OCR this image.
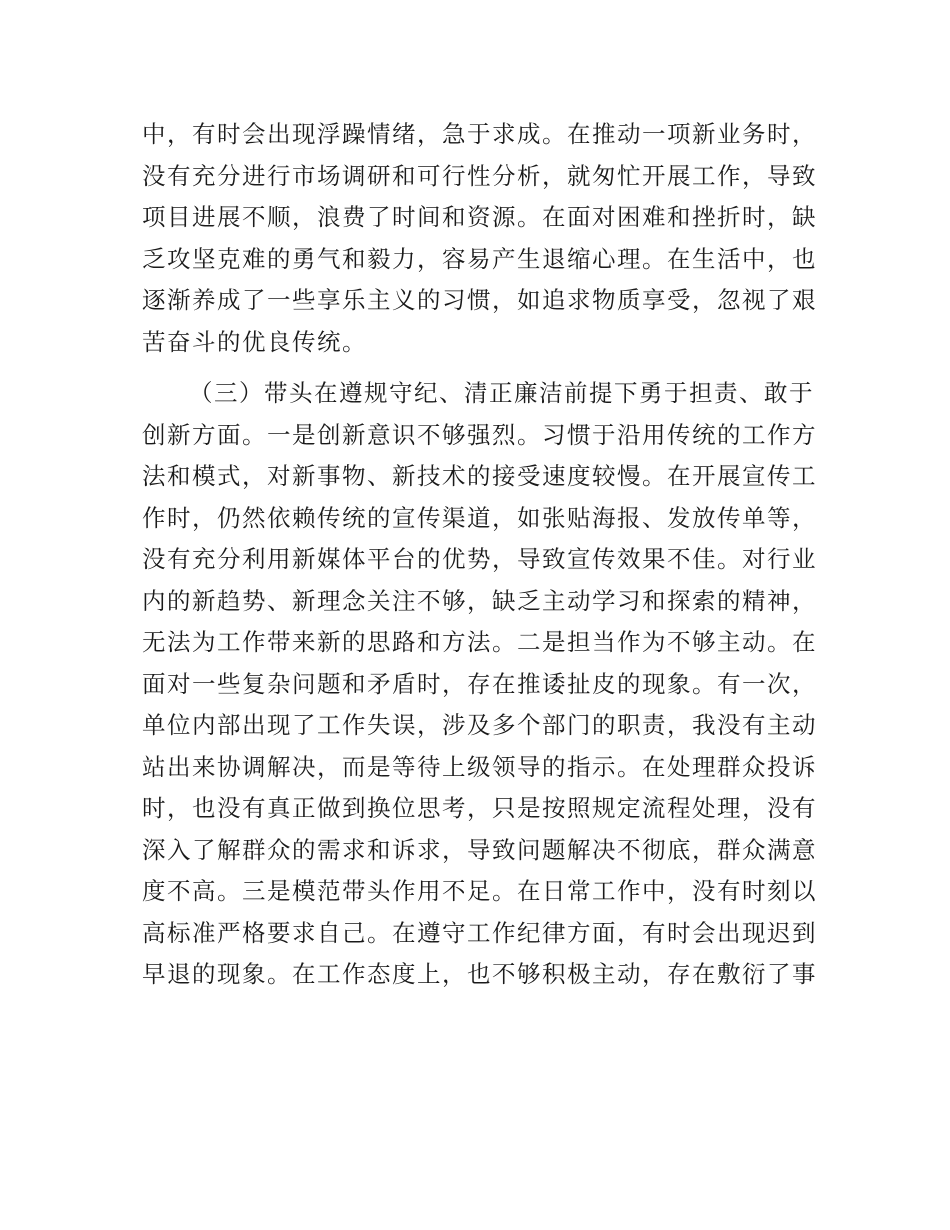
中，有时会出现浮躁情绪，急于求成。在推动一项新业务时，
没有充分进行市场调研和可行性分析，就匆忙开展工作，导致
项目进展不顺，浪费了时间和资源。在面对困难和挫折时，缺
乏攻坚克难的勇气和毅力，容易产生退缩心理。在生活中，也
逐渐养成了一些享乐主义的习惯，如追求物质享受，忽视了艰
苦奋斗的优良传统。

（三）带头在遵规守纪、清正廉洁前提下勇于担责、敢于
创新方面。一是创新意识不够强烈。习惯于沿用传统的工作方
法和模式，对新事物、新技术的接受速度较慢。在开展宣传工
作时，仍然依赖传统的宣传渠道，如张贴海报、发放传单等，
没有充分利用新媒体平台的优势，导致宣传效果不佳。对行业
内的新趋势、新理念关注不够，缺乏主动学习和探索的精神，
无法为工作带来新的思路和方法。二是担当作为不够主动。在
面对一些复杂问题和矛盾时，存在推诿扯皮的现象。有一次，
单位内部出现了工作失误，涉及多个部门的职责，我没有主动
站出来协调解决，而是等待上级领导的指示。在处理群众投诉
时，也没有真正做到换位思考，只是按照规定流程处理，没有
深入了解群众的需求和诉求，导致问题解决不彻底，群众满意
度不高。三是模范带头作用不足。在日常工作中，没有时刻以
高标准严格要求自己。在遵守工作纪律方面，有时会出现迟到
早退的现象。在工作态度上，也不够积极主动，存在敷衍了事
